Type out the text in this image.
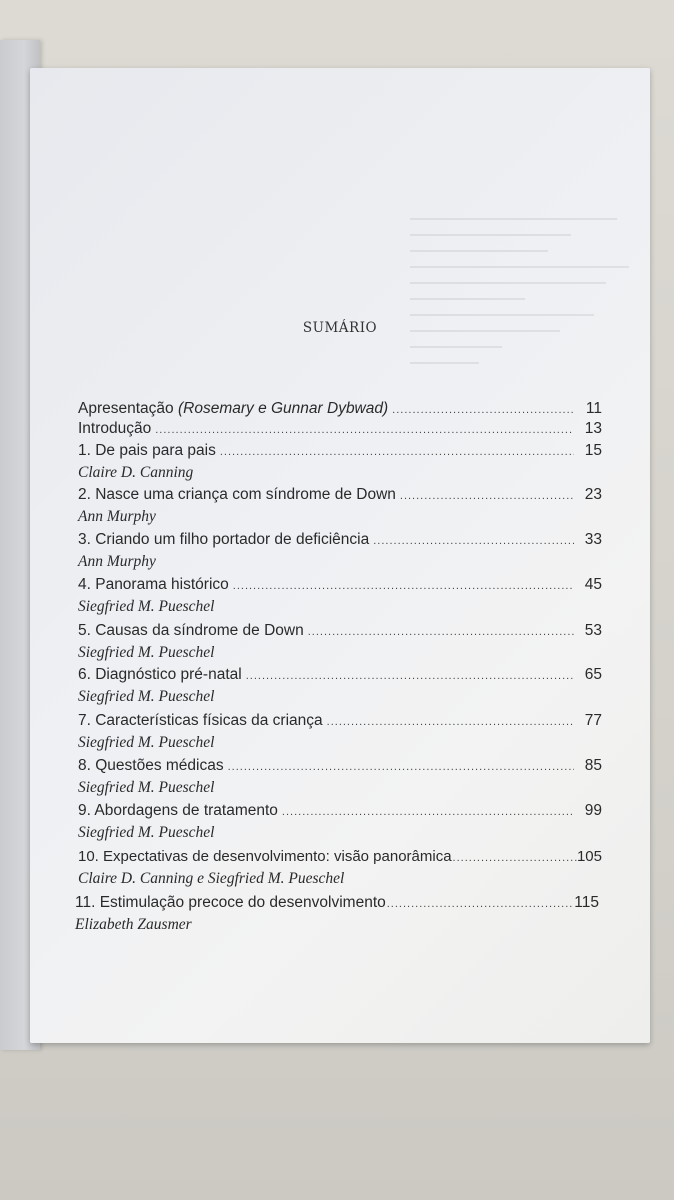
SUMÁRIO
Apresentação (Rosemary e Gunnar Dybwad) .....	11
Introdução .....	13
1. De pais para pais .....	15
Claire D. Canning
2. Nasce uma criança com síndrome de Down .....	23
Ann Murphy
3. Criando um filho portador de deficiência .....	33
Ann Murphy
4. Panorama histórico .....	45
Siegfried M. Pueschel
5. Causas da síndrome de Down .....	53
Siegfried M. Pueschel
6. Diagnóstico pré-natal .....	65
Siegfried M. Pueschel
7. Características físicas da criança .....	77
Siegfried M. Pueschel
8. Questões médicas .....	85
Siegfried M. Pueschel
9. Abordagens de tratamento .....	99
Siegfried M. Pueschel
10. Expectativas de desenvolvimento: visão panorâmica .....	105
Claire D. Canning e Siegfried M. Pueschel
11. Estimulação precoce do desenvolvimento .....	115
Elizabeth Zausmer
